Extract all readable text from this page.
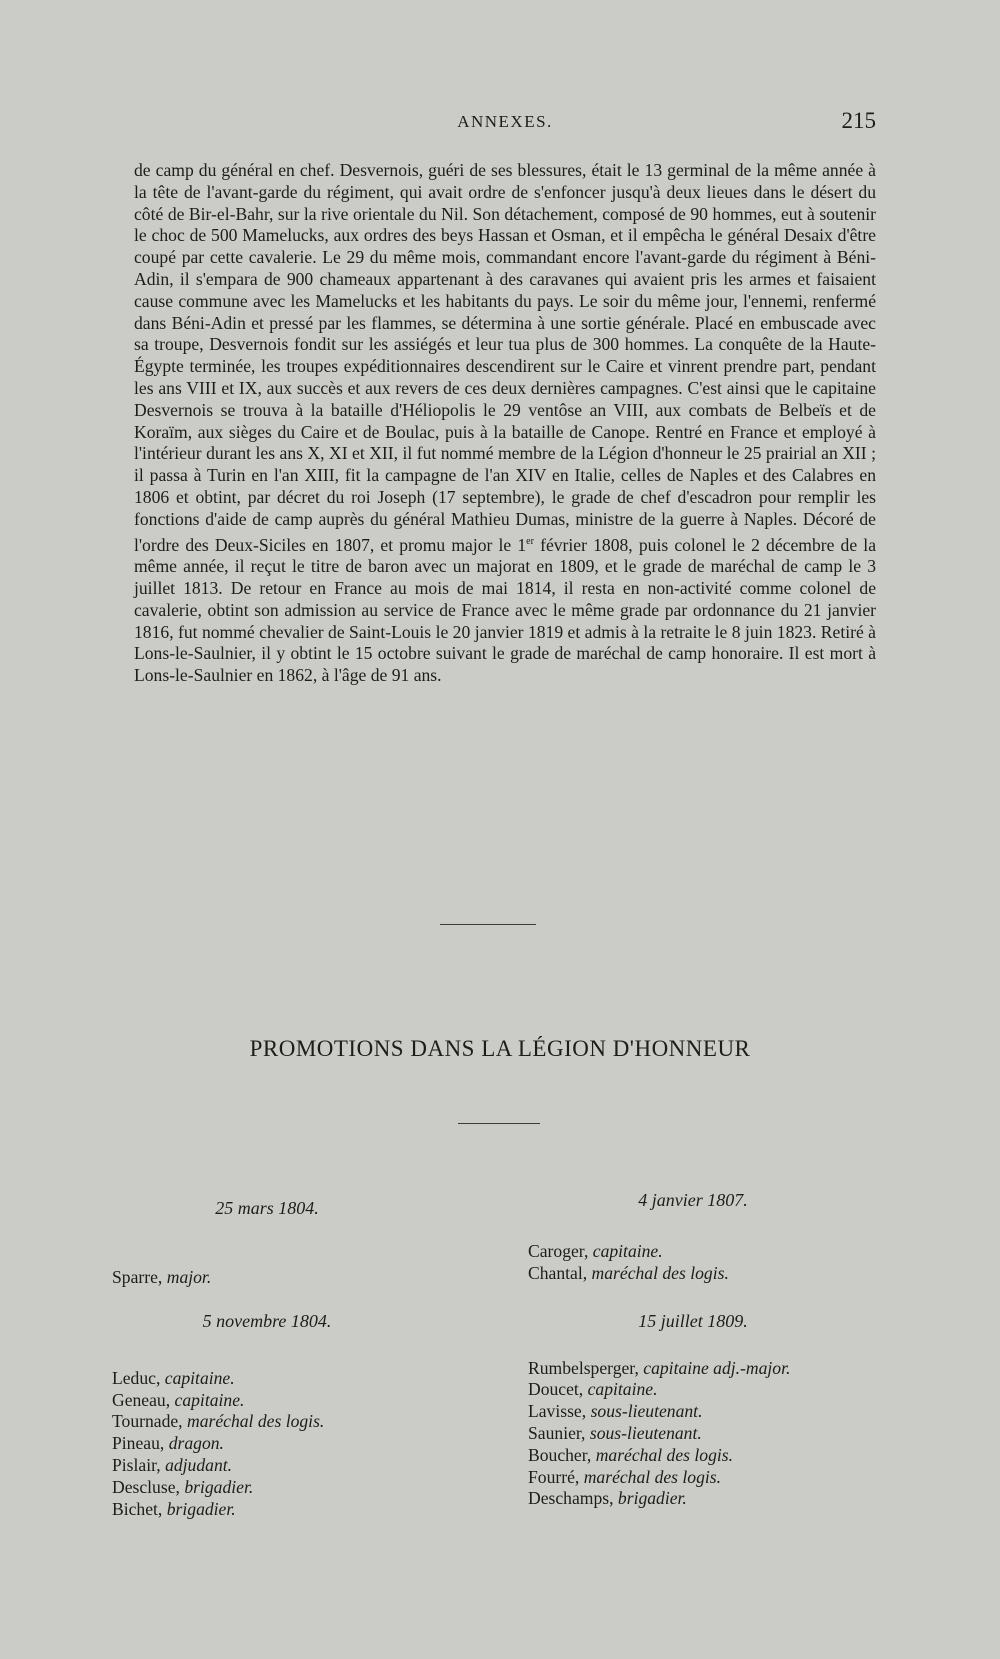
ANNEXES.	215

de camp du général en chef. Desvernois, guéri de ses blessures, était le 13 germinal de la même année à la tête de l'avant-garde du régiment, qui avait ordre de s'enfoncer jusqu'à deux lieues dans le désert du côté de Bir-el-Bahr, sur la rive orientale du Nil. Son détachement, composé de 90 hommes, eut à soutenir le choc de 500 Mamelucks, aux ordres des beys Hassan et Osman, et il empêcha le général Desaix d'être coupé par cette cavalerie. Le 29 du même mois, commandant encore l'avant-garde du régiment à Béni-Adin, il s'empara de 900 chameaux appartenant à des caravanes qui avaient pris les armes et faisaient cause commune avec les Mamelucks et les habitants du pays. Le soir du même jour, l'ennemi, renfermé dans Béni-Adin et pressé par les flammes, se détermina à une sortie générale. Placé en embuscade avec sa troupe, Desvernois fondit sur les assiégés et leur tua plus de 300 hommes. La conquête de la Haute-Égypte terminée, les troupes expéditionnaires descendirent sur le Caire et vinrent prendre part, pendant les ans VIII et IX, aux succès et aux revers de ces deux dernières campagnes. C'est ainsi que le capitaine Desvernois se trouva à la bataille d'Héliopolis le 29 ventôse an VIII, aux combats de Belbeïs et de Koraïm, aux sièges du Caire et de Boulac, puis à la bataille de Canope. Rentré en France et employé à l'intérieur durant les ans X, XI et XII, il fut nommé membre de la Légion d'honneur le 25 prairial an XII ; il passa à Turin en l'an XIII, fit la campagne de l'an XIV en Italie, celles de Naples et des Calabres en 1806 et obtint, par décret du roi Joseph (17 septembre), le grade de chef d'escadron pour remplir les fonctions d'aide de camp auprès du général Mathieu Dumas, ministre de la guerre à Naples. Décoré de l'ordre des Deux-Siciles en 1807, et promu major le 1er février 1808, puis colonel le 2 décembre de la même année, il reçut le titre de baron avec un majorat en 1809, et le grade de maréchal de camp le 3 juillet 1813. De retour en France au mois de mai 1814, il resta en non-activité comme colonel de cavalerie, obtint son admission au service de France avec le même grade par ordonnance du 21 janvier 1816, fut nommé chevalier de Saint-Louis le 20 janvier 1819 et admis à la retraite le 8 juin 1823. Retiré à Lons-le-Saulnier, il y obtint le 15 octobre suivant le grade de maréchal de camp honoraire. Il est mort à Lons-le-Saulnier en 1862, à l'âge de 91 ans.

PROMOTIONS DANS LA LÉGION D'HONNEUR

25 mars 1804.

Sparre, major.

5 novembre 1804.

Leduc, capitaine.
Geneau, capitaine.
Tournade, maréchal des logis.
Pineau, dragon.
Pislair, adjudant.
Descluse, brigadier.
Bichet, brigadier.

4 janvier 1807.

Caroger, capitaine.
Chantal, maréchal des logis.

15 juillet 1809.

Rumbelsperger, capitaine adj.-major.
Doucet, capitaine.
Lavisse, sous-lieutenant.
Saunier, sous-lieutenant.
Boucher, maréchal des logis.
Fourré, maréchal des logis.
Deschamps, brigadier.
